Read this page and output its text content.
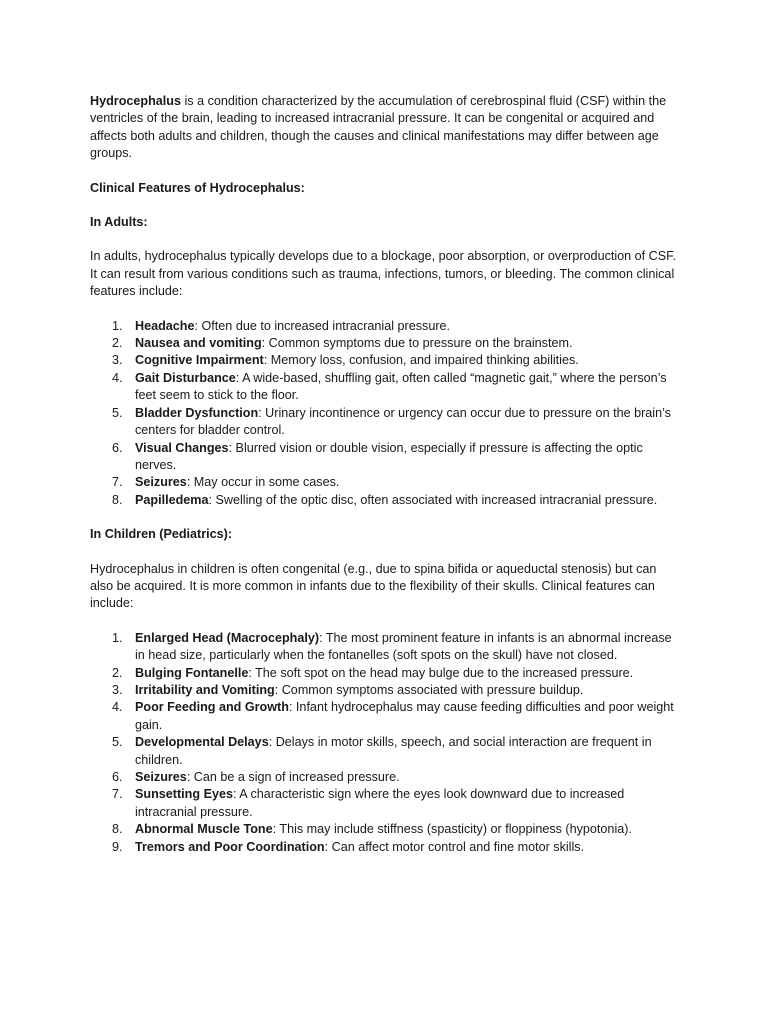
Hydrocephalus is a condition characterized by the accumulation of cerebrospinal fluid (CSF) within the ventricles of the brain, leading to increased intracranial pressure. It can be congenital or acquired and affects both adults and children, though the causes and clinical manifestations may differ between age groups.

Clinical Features of Hydrocephalus:

In Adults:

In adults, hydrocephalus typically develops due to a blockage, poor absorption, or overproduction of CSF. It can result from various conditions such as trauma, infections, tumors, or bleeding. The common clinical features include:

1. Headache: Often due to increased intracranial pressure.
2. Nausea and vomiting: Common symptoms due to pressure on the brainstem.
3. Cognitive Impairment: Memory loss, confusion, and impaired thinking abilities.
4. Gait Disturbance: A wide-based, shuffling gait, often called “magnetic gait,” where the person’s feet seem to stick to the floor.
5. Bladder Dysfunction: Urinary incontinence or urgency can occur due to pressure on the brain’s centers for bladder control.
6. Visual Changes: Blurred vision or double vision, especially if pressure is affecting the optic nerves.
7. Seizures: May occur in some cases.
8. Papilledema: Swelling of the optic disc, often associated with increased intracranial pressure.

In Children (Pediatrics):

Hydrocephalus in children is often congenital (e.g., due to spina bifida or aqueductal stenosis) but can also be acquired. It is more common in infants due to the flexibility of their skulls. Clinical features can include:

1. Enlarged Head (Macrocephaly): The most prominent feature in infants is an abnormal increase in head size, particularly when the fontanelles (soft spots on the skull) have not closed.
2. Bulging Fontanelle: The soft spot on the head may bulge due to the increased pressure.
3. Irritability and Vomiting: Common symptoms associated with pressure buildup.
4. Poor Feeding and Growth: Infant hydrocephalus may cause feeding difficulties and poor weight gain.
5. Developmental Delays: Delays in motor skills, speech, and social interaction are frequent in children.
6. Seizures: Can be a sign of increased pressure.
7. Sunsetting Eyes: A characteristic sign where the eyes look downward due to increased intracranial pressure.
8. Abnormal Muscle Tone: This may include stiffness (spasticity) or floppiness (hypotonia).
9. Tremors and Poor Coordination: Can affect motor control and fine motor skills.
